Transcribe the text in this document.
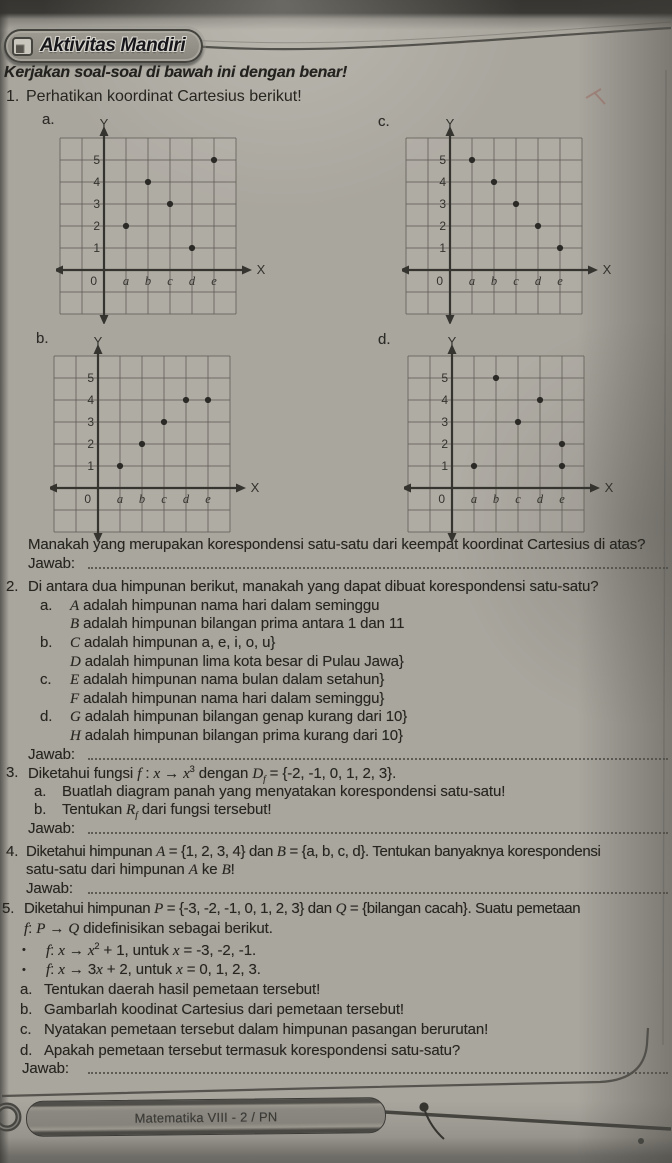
Aktivitas Mandiri
Kerjakan soal-soal di bawah ini dengan benar!
1. Perhatikan koordinat Cartesius berikut!
a.
b.
c.
d.
Y
X
0
5
4
3
2
1
a b c d e
Y
X
0
5
4
3
2
1
a b c d e
Y
X
0
5
4
3
2
1
a b c d e
Y
X
0
5
4
3
2
1
a b c d e
Manakah yang merupakan korespondensi satu-satu dari keempat koordinat Cartesius di atas?
Jawab:
2. Di antara dua himpunan berikut, manakah yang dapat dibuat korespondensi satu-satu?
a. A adalah himpunan nama hari dalam seminggu
B adalah himpunan bilangan prima antara 1 dan 11
b. C adalah himpunan a, e, i, o, u}
D adalah himpunan lima kota besar di Pulau Jawa}
c. E adalah himpunan nama bulan dalam setahun}
F adalah himpunan nama hari dalam seminggu}
d. G adalah himpunan bilangan genap kurang dari 10}
H adalah himpunan bilangan prima kurang dari 10}
Jawab:
3. Diketahui fungsi f : $x \to x^3$ dengan $D_f = \{-2$, -1, 0, 1, 2, 3}.
a. Buatlah diagram panah yang menyatakan korespondensi satu-satu!
b. Tentukan $R_f$ dari fungsi tersebut!
Jawab:
4. Diketahui himpunan A = {1, 2, 3, 4} dan B = {a, b, c, d}. Tentukan banyaknya korespondensi
satu-satu dari himpunan A ke B!
Jawab:
5. Diketahui himpunan P = {-3, -2, -1, 0, 1, 2, 3} dan Q = {bilangan cacah}. Suatu pemetaan
f: P → Q didefinisikan sebagai berikut.
• f: $x \to x^2 + 1$, untuk x = -3, -2, -1.
• f: x → 3x + 2, untuk x = 0, 1, 2, 3.
a. Tentukan daerah hasil pemetaan tersebut!
b. Gambarlah koodinat Cartesius dari pemetaan tersebut!
c. Nyatakan pemetaan tersebut dalam himpunan pasangan berurutan!
d. Apakah pemetaan tersebut termasuk korespondensi satu-satu?
Jawab:
Matematika VIII - 2 / PN
